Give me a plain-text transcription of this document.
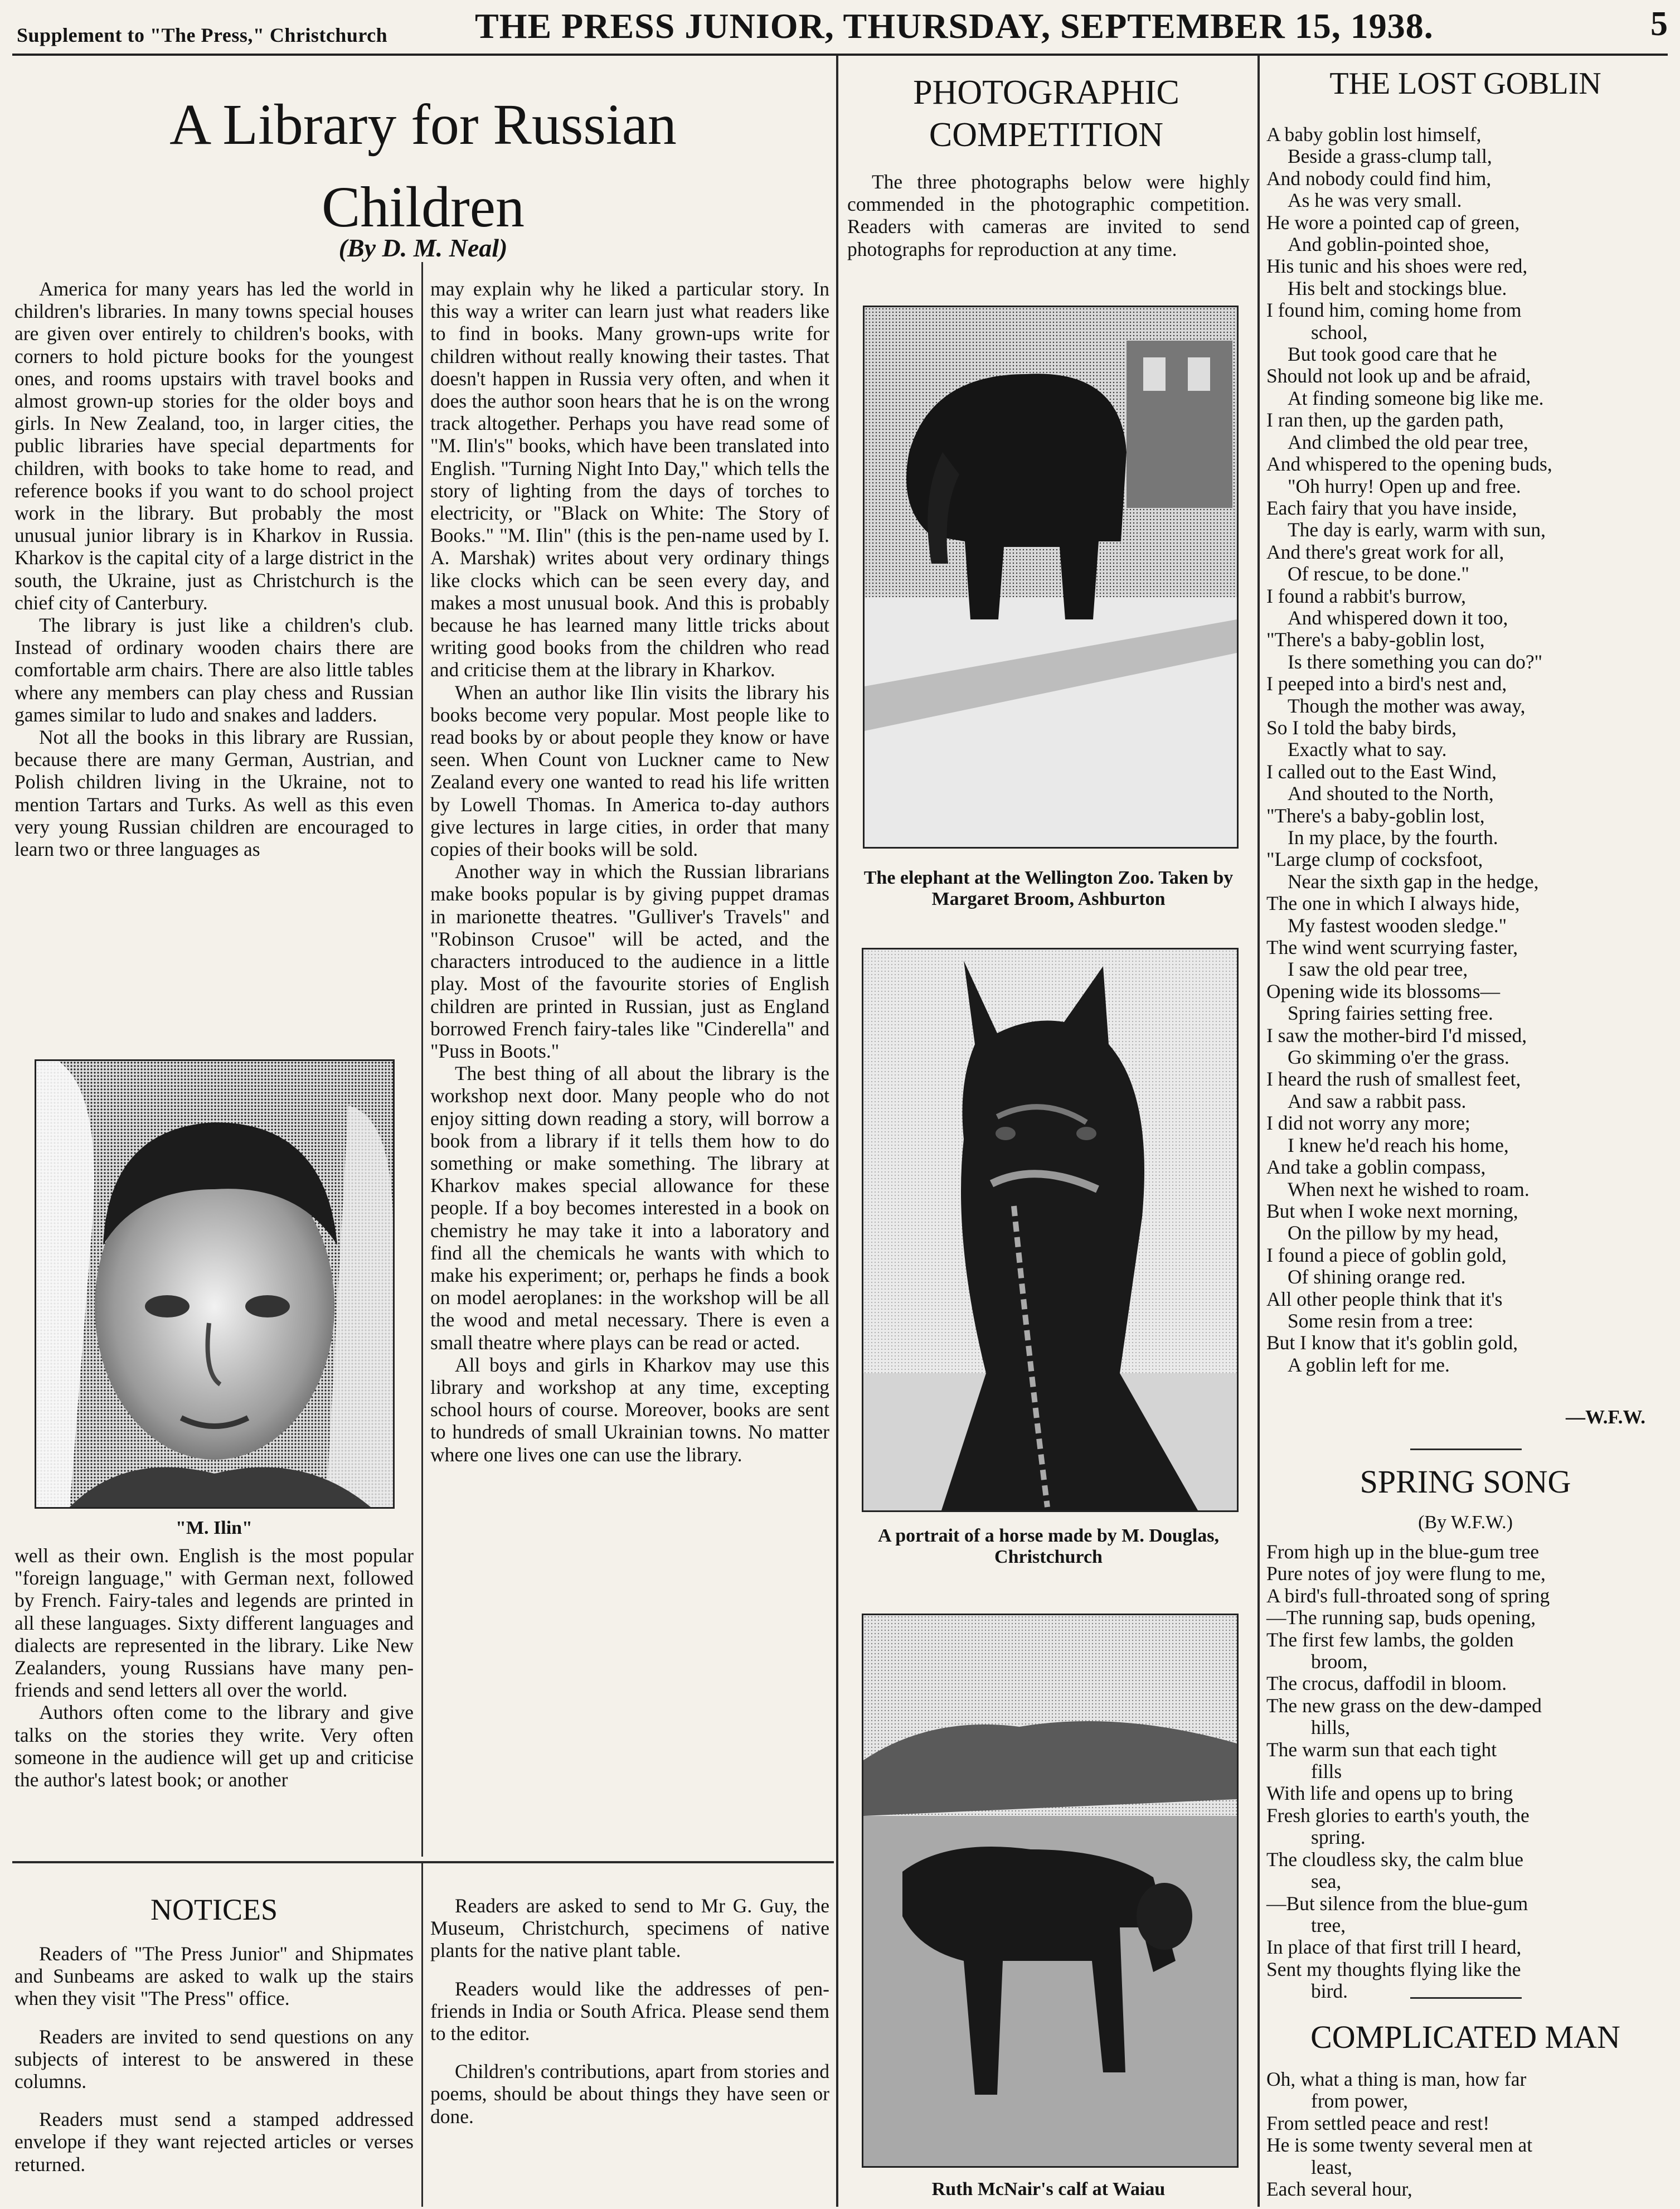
Supplement to "The Press," Christchurch THE PRESS JUNIOR, THURSDAY, SEPTEMBER 15, 1938.	5
A Library for Russian
Children
(By D. M. Neal)

America for many years has led the world in children's libraries. In many towns special houses are given over entirely to children's books, with corners to hold picture books for the youngest ones, and rooms upstairs with travel books and almost grown-up stories for the older boys and girls. In New Zealand, too, in larger cities, the public libraries have special departments for children, with books to take home to read, and reference books if you want to do school project work in the library. But probably the most unusual junior library is in Kharkov in Russia. Kharkov is the capital city of a large district in the south, the Ukraine, just as Christchurch is the chief city of Canterbury.

The library is just like a children's club. Instead of ordinary wooden chairs there are comfortable arm chairs. There are also little tables where any members can play chess and Russian games similar to ludo and snakes and ladders.

Not all the books in this library are Russian, because there are many German, Austrian, and Polish children living in the Ukraine, not to mention Tartars and Turks. As well as this even very young Russian children are encouraged to learn two or three languages as

"M. Ilin"

well as their own. English is the most popular "foreign language," with German next, followed by French. Fairy-tales and legends are printed in all these languages. Sixty different languages and dialects are represented in the library. Like New Zealanders, young Russians have many pen-friends and send letters all over the world.

Authors often come to the library and give talks on the stories they write. Very often someone in the audience will get up and criticise the author's latest book; or another

may explain why he liked a particular story. In this way a writer can learn just what readers like to find in books. Many grown-ups write for children without really knowing their tastes. That doesn't happen in Russia very often, and when it does the author soon hears that he is on the wrong track altogether. Perhaps you have read some of "M. Ilin's" books, which have been translated into English. "Turning Night Into Day," which tells the story of lighting from the days of torches to electricity, or "Black on White: The Story of Books." "M. Ilin" (this is the pen-name used by I. A. Marshak) writes about very ordinary things like clocks which can be seen every day, and makes a most unusual book. And this is probably because he has learned many little tricks about writing good books from the children who read and criticise them at the library in Kharkov.

When an author like Ilin visits the library his books become very popular. Most people like to read books by or about people they know or have seen. When Count von Luckner came to New Zealand every one wanted to read his life written by Lowell Thomas. In America to-day authors give lectures in large cities, in order that many copies of their books will be sold.

Another way in which the Russian librarians make books popular is by giving puppet dramas in marionette theatres. "Gulliver's Travels" and "Robinson Crusoe" will be acted, and the characters introduced to the audience in a little play. Most of the favourite stories of English children are printed in Russian, just as England borrowed French fairy-tales like "Cinderella" and "Puss in Boots."

The best thing of all about the library is the workshop next door. Many people who do not enjoy sitting down reading a story, will borrow a book from a library if it tells them how to do something or make something. The library at Kharkov makes special allowance for these people. If a boy becomes interested in a book on chemistry he may take it into a laboratory and find all the chemicals he wants with which to make his experiment; or, perhaps he finds a book on model aeroplanes: in the workshop will be all the wood and metal necessary. There is even a small theatre where plays can be read or acted.

All boys and girls in Kharkov may use this library and workshop at any time, excepting school hours of course. Moreover, books are sent to hundreds of small Ukrainian towns. No matter where one lives one can use the library.

NOTICES

Readers of "The Press Junior" and Shipmates and Sunbeams are asked to walk up the stairs when they visit "The Press" office.

Readers are invited to send questions on any subjects of interest to be answered in these columns.

Readers must send a stamped addressed envelope if they want rejected articles or verses returned.

Readers are asked to send to Mr G. Guy, the Museum, Christchurch, specimens of native plants for the native plant table.

Readers would like the addresses of pen-friends in India or South Africa. Please send them to the editor.

Children's contributions, apart from stories and poems, should be about things they have seen or done.

PHOTOGRAPHIC
COMPETITION

The three photographs below were highly commended in the photographic competition. Readers with cameras are invited to send photographs for reproduction at any time.

The elephant at the Wellington Zoo. Taken by Margaret Broom, Ashburton
A portrait of a horse made by M. Douglas, Christchurch
Ruth McNair's calf at Waiau
THE LOST GOBLIN
A baby goblin lost himself,
Beside a grass-clump tall,
And nobody could find him,
As he was very small.
He wore a pointed cap of green,
And goblin-pointed shoe,
His tunic and his shoes were red,
His belt and stockings blue.
I found him, coming home from
school,
But took good care that he
Should not look up and be afraid,
At finding someone big like me.
I ran then, up the garden path,
And climbed the old pear tree,
And whispered to the opening buds,
"Oh hurry! Open up and free.
Each fairy that you have inside,
The day is early, warm with sun,
And there's great work for all,
Of rescue, to be done."
I found a rabbit's burrow,
And whispered down it too,
"There's a baby-goblin lost,
Is there something you can do?"
I peeped into a bird's nest and,
Though the mother was away,
So I told the baby birds,
Exactly what to say.
I called out to the East Wind,
And shouted to the North,
"There's a baby-goblin lost,
In my place, by the fourth.
"Large clump of cocksfoot,
Near the sixth gap in the hedge,
The one in which I always hide,
My fastest wooden sledge."
The wind went scurrying faster,
I saw the old pear tree,
Opening wide its blossoms—
Spring fairies setting free.
I saw the mother-bird I'd missed,
Go skimming o'er the grass.
I heard the rush of smallest feet,
And saw a rabbit pass.
I did not worry any more;
I knew he'd reach his home,
And take a goblin compass,
When next he wished to roam.
But when I woke next morning,
On the pillow by my head,
I found a piece of goblin gold,
Of shining orange red.
All other people think that it's
Some resin from a tree:
But I know that it's goblin gold,
A goblin left for me.
—W.F.W.
SPRING SONG
(By W.F.W.)
From high up in the blue-gum tree
Pure notes of joy were flung to me,
A bird's full-throated song of spring
—The running sap, buds opening,
The first few lambs, the golden
broom,
The crocus, daffodil in bloom.
The new grass on the dew-damped
hills,
The warm sun that each tight
fills
With life and opens up to bring
Fresh glories to earth's youth, the
spring.
The cloudless sky, the calm blue
sea,
—But silence from the blue-gum
tree,
In place of that first trill I heard,
Sent my thoughts flying like the
bird.
COMPLICATED MAN
Oh, what a thing is man, how far
from power,
From settled peace and rest!
He is some twenty several men at
least,
Each several hour,
